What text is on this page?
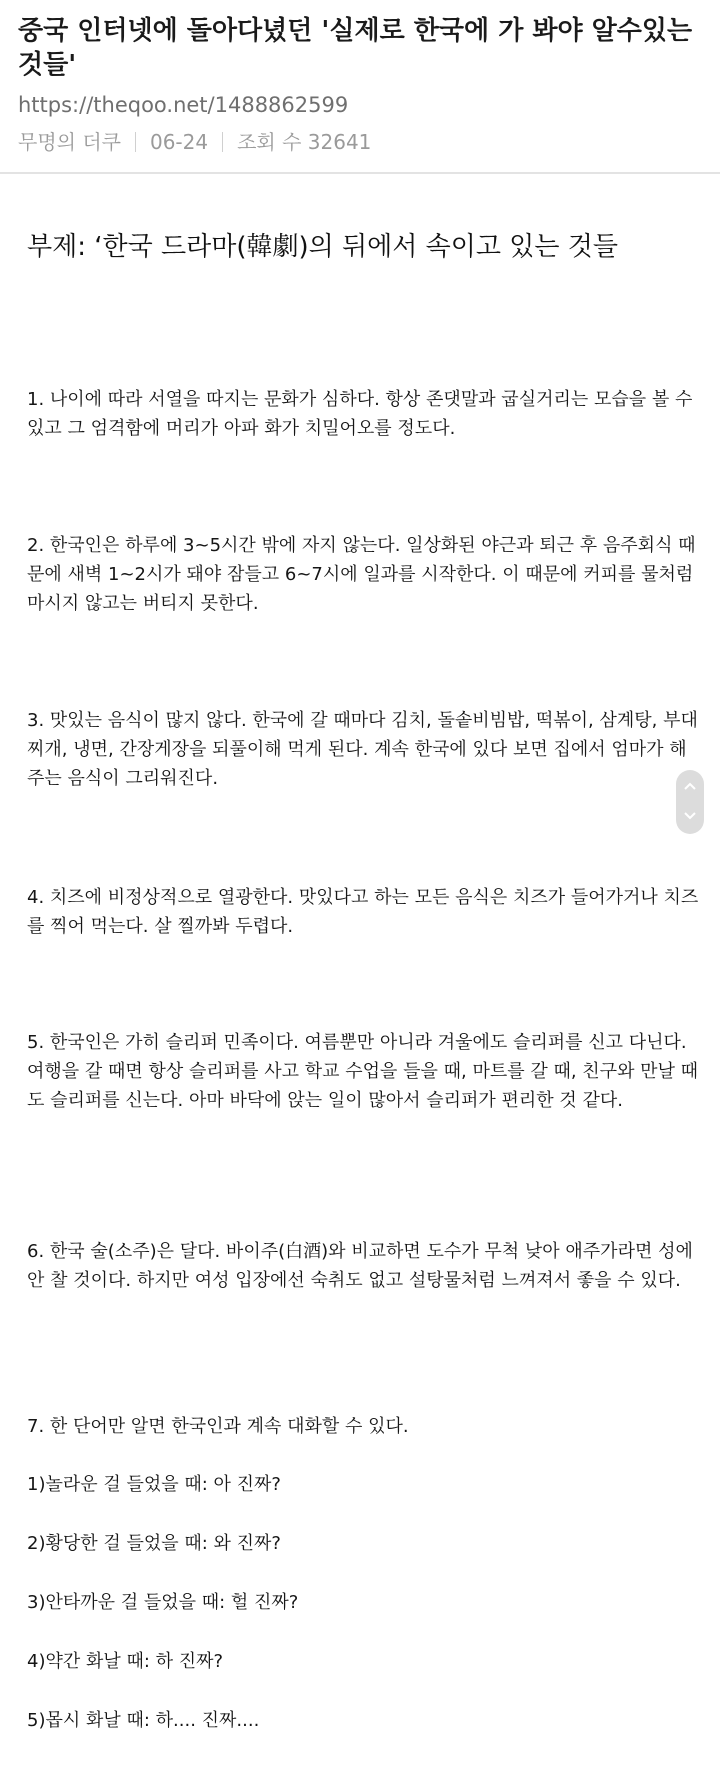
중국 인터넷에 돌아다녔던 '실제로 한국에 가 봐야 알수있는 것들'
https://theqoo.net/1488862599
무명의 더쿠 06-24 조회 수 32641
부제: ‘한국 드라마(韓劇)의 뒤에서 속이고 있는 것들

1. 나이에 따라 서열을 따지는 문화가 심하다. 항상 존댓말과 굽실거리는 모습을 볼 수 있고 그 엄격함에 머리가 아파 화가 치밀어오를 정도다.

2. 한국인은 하루에 3~5시간 밖에 자지 않는다. 일상화된 야근과 퇴근 후 음주회식 때문에 새벽 1~2시가 돼야 잠들고 6~7시에 일과를 시작한다. 이 때문에 커피를 물처럼 마시지 않고는 버티지 못한다.

3. 맛있는 음식이 많지 않다. 한국에 갈 때마다 김치, 돌솥비빔밥, 떡볶이, 삼계탕, 부대찌개, 냉면, 간장게장을 되풀이해 먹게 된다. 계속 한국에 있다 보면 집에서 엄마가 해 주는 음식이 그리워진다.

4. 치즈에 비정상적으로 열광한다. 맛있다고 하는 모든 음식은 치즈가 들어가거나 치즈를 찍어 먹는다. 살 찔까봐 두렵다.

5. 한국인은 가히 슬리퍼 민족이다. 여름뿐만 아니라 겨울에도 슬리퍼를 신고 다닌다. 여행을 갈 때면 항상 슬리퍼를 사고 학교 수업을 들을 때, 마트를 갈 때, 친구와 만날 때도 슬리퍼를 신는다. 아마 바닥에 앉는 일이 많아서 슬리퍼가 편리한 것 같다.

6. 한국 술(소주)은 달다. 바이주(白酒)와 비교하면 도수가 무척 낮아 애주가라면 성에 안 찰 것이다. 하지만 여성 입장에선 숙취도 없고 설탕물처럼 느껴져서 좋을 수 있다.

7. 한 단어만 알면 한국인과 계속 대화할 수 있다.

1)놀라운 걸 들었을 때: 아 진짜?

2)황당한 걸 들었을 때: 와 진짜?

3)안타까운 걸 들었을 때: 헐 진짜?

4)약간 화날 때: 하 진짜?

5)몹시 화날 때: 하.... 진짜....
